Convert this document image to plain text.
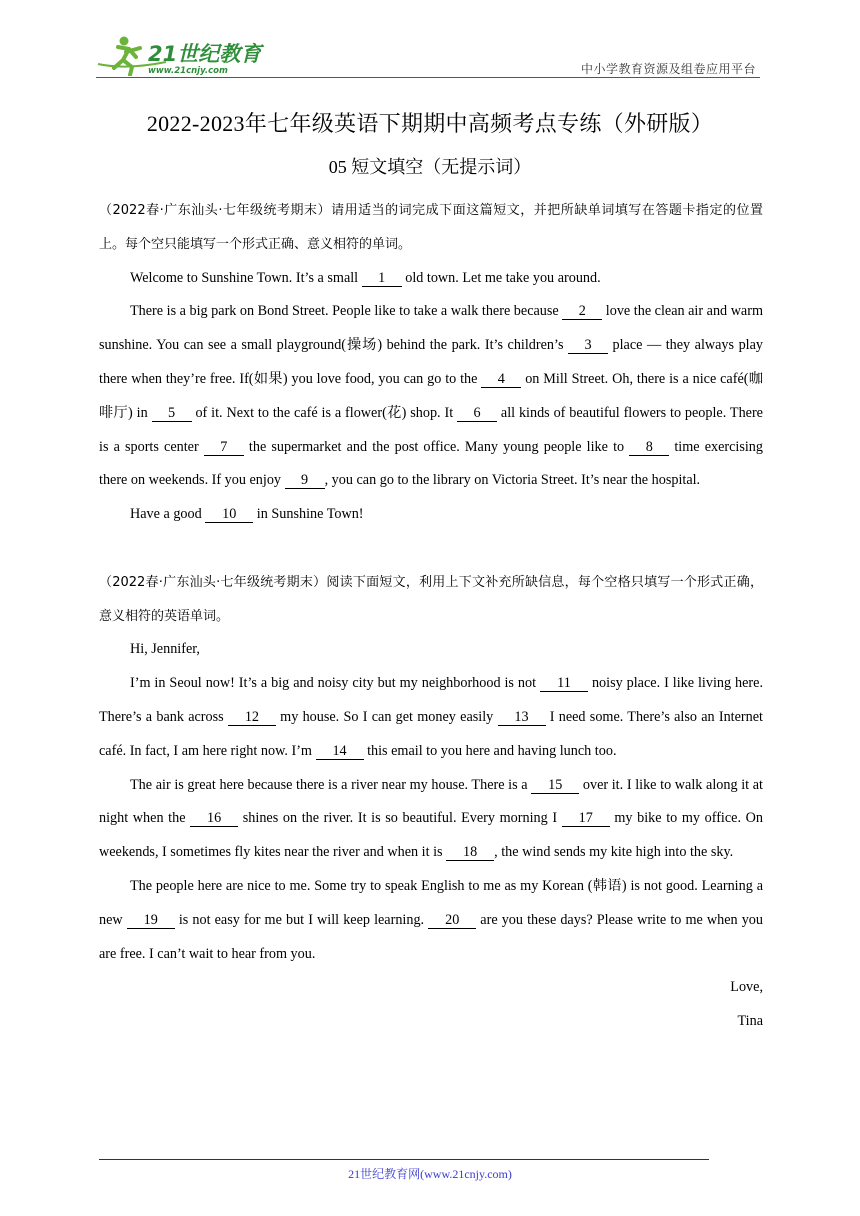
21世纪教育
www.21cnjy.com	中小学教育资源及组卷应用平台
2022-2023年七年级英语下期期中高频考点专练（外研版）
05 短文填空（无提示词）

（2022春·广东汕头·七年级统考期末）请用适当的词完成下面这篇短文，并把所缺单词填写在答题卡指定的位置上。每个空只能填写一个形式正确、意义相符的单词。

Welcome to Sunshine Town. It’s a small 1 old town. Let me take you around.

There is a big park on Bond Street. People like to take a walk there because 2 love the clean air and warm sunshine. You can see a small playground(操场) behind the park. It’s children’s 3 place — they always play there when they’re free. If(如果) you love food, you can go to the 4 on Mill Street. Oh, there is a nice café(咖啡厅) in 5 of it. Next to the café is a flower(花) shop. It 6 all kinds of beautiful flowers to people. There is a sports center 7 the supermarket and the post office. Many young people like to 8 time exercising there on weekends. If you enjoy 9 , you can go to the library on Victoria Street. It’s near the hospital.

Have a good 10 in Sunshine Town!

（2022春·广东汕头·七年级统考期末）阅读下面短文，利用上下文补充所缺信息，每个空格只填写一个形式正确，意义相符的英语单词。

Hi, Jennifer,

I’m in Seoul now! It’s a big and noisy city but my neighborhood is not 11 noisy place. I like living here. There’s a bank across 12 my house. So I can get money easily 13 I need some. There’s also an Internet café. In fact, I am here right now. I’m 14 this email to you here and having lunch too.

The air is great here because there is a river near my house. There is a 15 over it. I like to walk along it at night when the 16 shines on the river. It is so beautiful. Every morning I 17 my bike to my office. On weekends, I sometimes fly kites near the river and when it is 18 , the wind sends my kite high into the sky.

The people here are nice to me. Some try to speak English to me as my Korean (韩语) is not good. Learning a new 19 is not easy for me but I will keep learning. 20 are you these days? Please write to me when you are free. I can’t wait to hear from you.

Love,

Tina

21世纪教育网(www.21cnjy.com)
